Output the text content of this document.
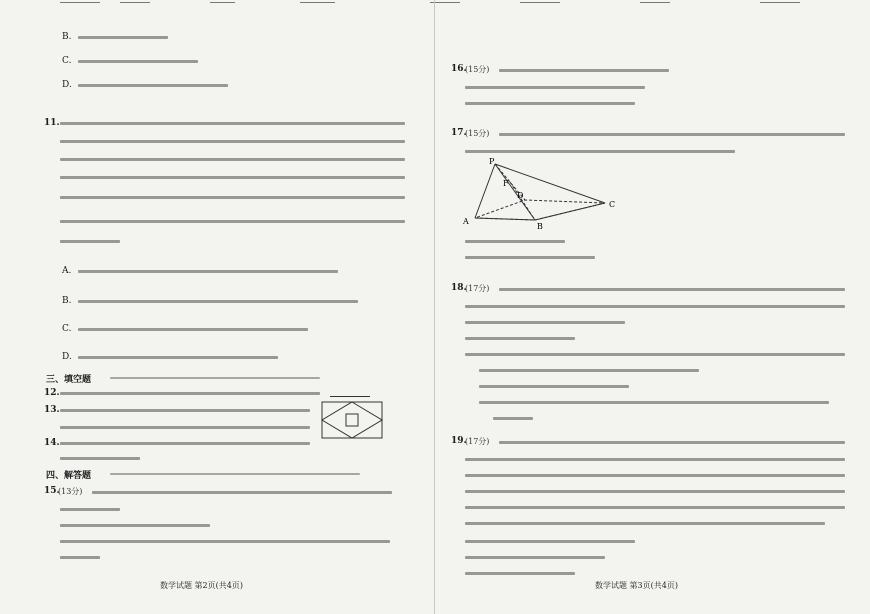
B.
C.
D.
11.
A.
B.
C.
D.
三、填空题
12.
13.
14.
四、解答题
15.
(13分)
数学试题 第2页(共4页)
16.
(15分)
17.
(15分)
P
A
B
C
D
F
18.
(17分)
19.
(17分)
数学试题 第3页(共4页)
